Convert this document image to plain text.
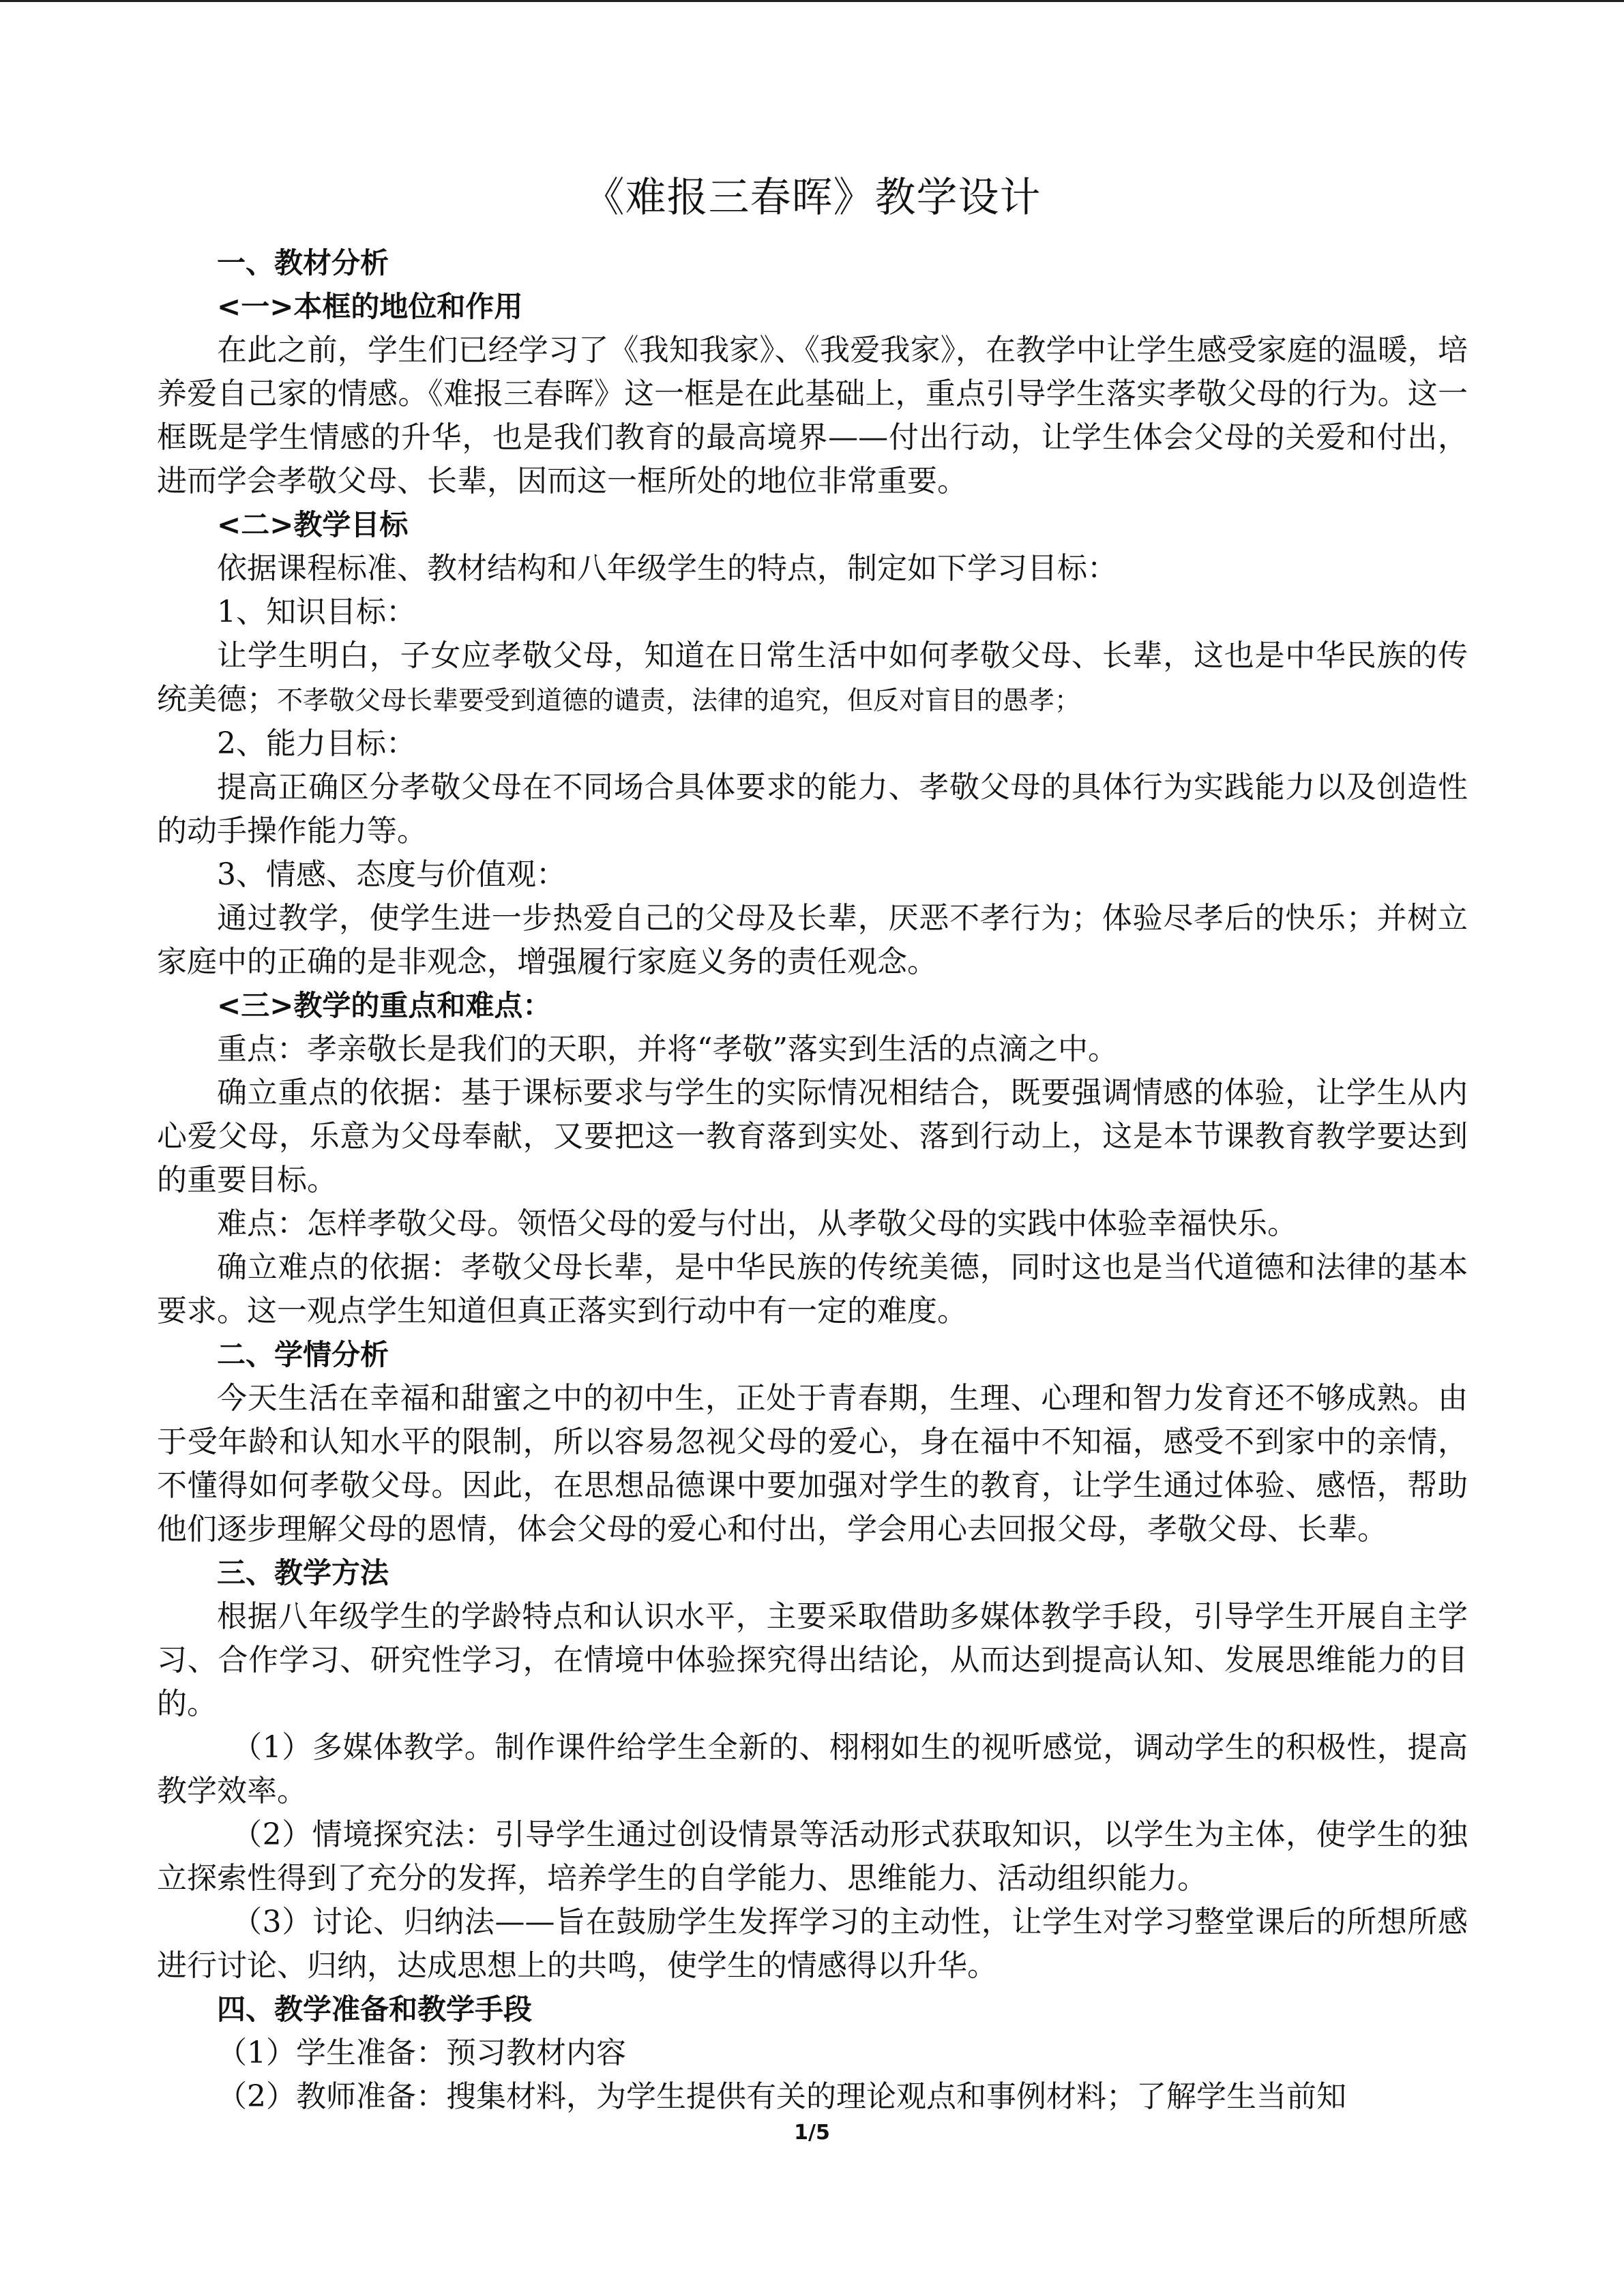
《难报三春晖》教学设计

一、教材分析

<一>本框的地位和作用

在此之前，学生们已经学习了《我知我家》、《我爱我家》，在教学中让学生感受家庭的温暖，培养爱自己家的情感。《难报三春晖》这一框是在此基础上，重点引导学生落实孝敬父母的行为。这一框既是学生情感的升华，也是我们教育的最高境界——付出行动，让学生体会父母的关爱和付出，进而学会孝敬父母、长辈，因而这一框所处的地位非常重要。

<二>教学目标

依据课程标准、教材结构和八年级学生的特点，制定如下学习目标：

1、知识目标：

让学生明白，子女应孝敬父母，知道在日常生活中如何孝敬父母、长辈，这也是中华民族的传统美德；不孝敬父母长辈要受到道德的谴责，法律的追究，但反对盲目的愚孝；

2、能力目标：

提高正确区分孝敬父母在不同场合具体要求的能力、孝敬父母的具体行为实践能力以及创造性的动手操作能力等。

3、情感、态度与价值观：

通过教学，使学生进一步热爱自己的父母及长辈，厌恶不孝行为；体验尽孝后的快乐；并树立家庭中的正确的是非观念，增强履行家庭义务的责任观念。

<三>教学的重点和难点：

重点：孝亲敬长是我们的天职，并将“孝敬”落实到生活的点滴之中。

确立重点的依据：基于课标要求与学生的实际情况相结合，既要强调情感的体验，让学生从内心爱父母，乐意为父母奉献，又要把这一教育落到实处、落到行动上，这是本节课教育教学要达到的重要目标。

难点：怎样孝敬父母。领悟父母的爱与付出，从孝敬父母的实践中体验幸福快乐。

确立难点的依据：孝敬父母长辈，是中华民族的传统美德，同时这也是当代道德和法律的基本要求。这一观点学生知道但真正落实到行动中有一定的难度。

二、学情分析

今天生活在幸福和甜蜜之中的初中生，正处于青春期，生理、心理和智力发育还不够成熟。由于受年龄和认知水平的限制，所以容易忽视父母的爱心，身在福中不知福，感受不到家中的亲情，不懂得如何孝敬父母。因此，在思想品德课中要加强对学生的教育，让学生通过体验、感悟，帮助他们逐步理解父母的恩情，体会父母的爱心和付出，学会用心去回报父母，孝敬父母、长辈。

三、教学方法

根据八年级学生的学龄特点和认识水平，主要采取借助多媒体教学手段，引导学生开展自主学习、合作学习、研究性学习，在情境中体验探究得出结论，从而达到提高认知、发展思维能力的目的。

（1）多媒体教学。制作课件给学生全新的、栩栩如生的视听感觉，调动学生的积极性，提高教学效率。

（2）情境探究法：引导学生通过创设情景等活动形式获取知识，以学生为主体，使学生的独立探索性得到了充分的发挥，培养学生的自学能力、思维能力、活动组织能力。

（3）讨论、归纳法——旨在鼓励学生发挥学习的主动性，让学生对学习整堂课后的所想所感进行讨论、归纳，达成思想上的共鸣，使学生的情感得以升华。

四、教学准备和教学手段

（1）学生准备：预习教材内容

（2）教师准备：搜集材料，为学生提供有关的理论观点和事例材料；了解学生当前知

1/5
